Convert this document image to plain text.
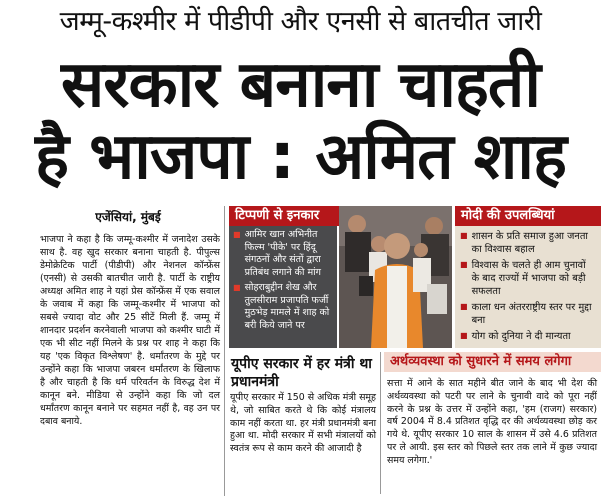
जम्मू-कश्मीर में पीडीपी और एनसी से बातचीत जारी
सरकार बनाना चाहती
है भाजपा : अमित शाह
एजेंसियां, मुंबई
भाजपा ने कहा है कि जम्मू-कश्मीर में जनादेश उसके साथ है. वह खुद सरकार बनाना चाहती है. पीपुल्स डेमोक्रेटिक पार्टी (पीडीपी) और नेशनल कॉन्फ्रेंस (एनसी) से उसकी बातचीत जारी है. पार्टी के राष्ट्रीय अध्यक्ष अमित शाह ने यहां प्रेस कॉन्फ्रेंस में एक सवाल के जवाब में कहा कि जम्मू-कश्मीर में भाजपा को सबसे ज्यादा वोट और 25 सीटें मिली हैं. जम्मू में शानदार प्रदर्शन करनेवाली भाजपा को कश्मीर घाटी में एक भी सीट नहीं मिलने के प्रश्न पर शाह ने कहा कि यह 'एक विकृत विश्लेषण' है. धर्मांतरण के मुद्दे पर उन्होंने कहा कि भाजपा जबरन धर्मांतरण के खिलाफ है और चाहती है कि धर्म परिवर्तन के विरुद्ध देश में कानून बने. मीडिया से उन्होंने कहा कि जो दल धर्मांतरण कानून बनाने पर सहमत नहीं है, वह उन पर दबाव बनाये.
टिप्पणी से इनकार
■ आमिर खान अभिनीत फिल्म 'पीके' पर हिंदू संगठनों और संतों द्वारा प्रतिबंध लगाने की मांग
■ सोहराबुद्दीन शेख और तुलसीराम प्रजापति फर्जी मुठभेड़ मामले में शाह को बरी किये जाने पर
मोदी की उपलब्धियां
■ शासन के प्रति समाज हुआ जनता का विश्वास बहाल
■ विश्वास के चलते ही आम चुनावों के बाद राज्यों में भाजपा को बड़ी सफलता
■ काला धन अंतरराष्ट्रीय स्तर पर मुद्दा बना
■ योग को दुनिया ने दी मान्यता
यूपीए सरकार में हर मंत्री था प्रधानमंत्री
यूपीए सरकार में 150 से अधिक मंत्री समूह थे, जो साबित करते थे कि कोई मंत्रालय काम नहीं करता था. हर मंत्री प्रधानमंत्री बना हुआ था. मोदी सरकार में सभी मंत्रालयों को स्वतंत्र रूप से काम करने की आजादी है
अर्थव्यवस्था को सुधारने में समय लगेगा
सत्ता में आने के सात महीने बीत जाने के बाद भी देश की अर्थव्यवस्था को पटरी पर लाने के चुनावी वादे को पूरा नहीं करने के प्रश्न के उत्तर में उन्होंने कहा, 'हम (राजग) सरकार) वर्ष 2004 में 8.4 प्रतिशत वृद्धि दर की अर्थव्यवस्था छोड़ कर गये थे. यूपीए सरकार 10 साल के शासन में उसे 4.6 प्रतिशत पर ले आयी. इस स्तर को पिछले स्तर तक लाने में कुछ ज्यादा समय लगेगा.'
